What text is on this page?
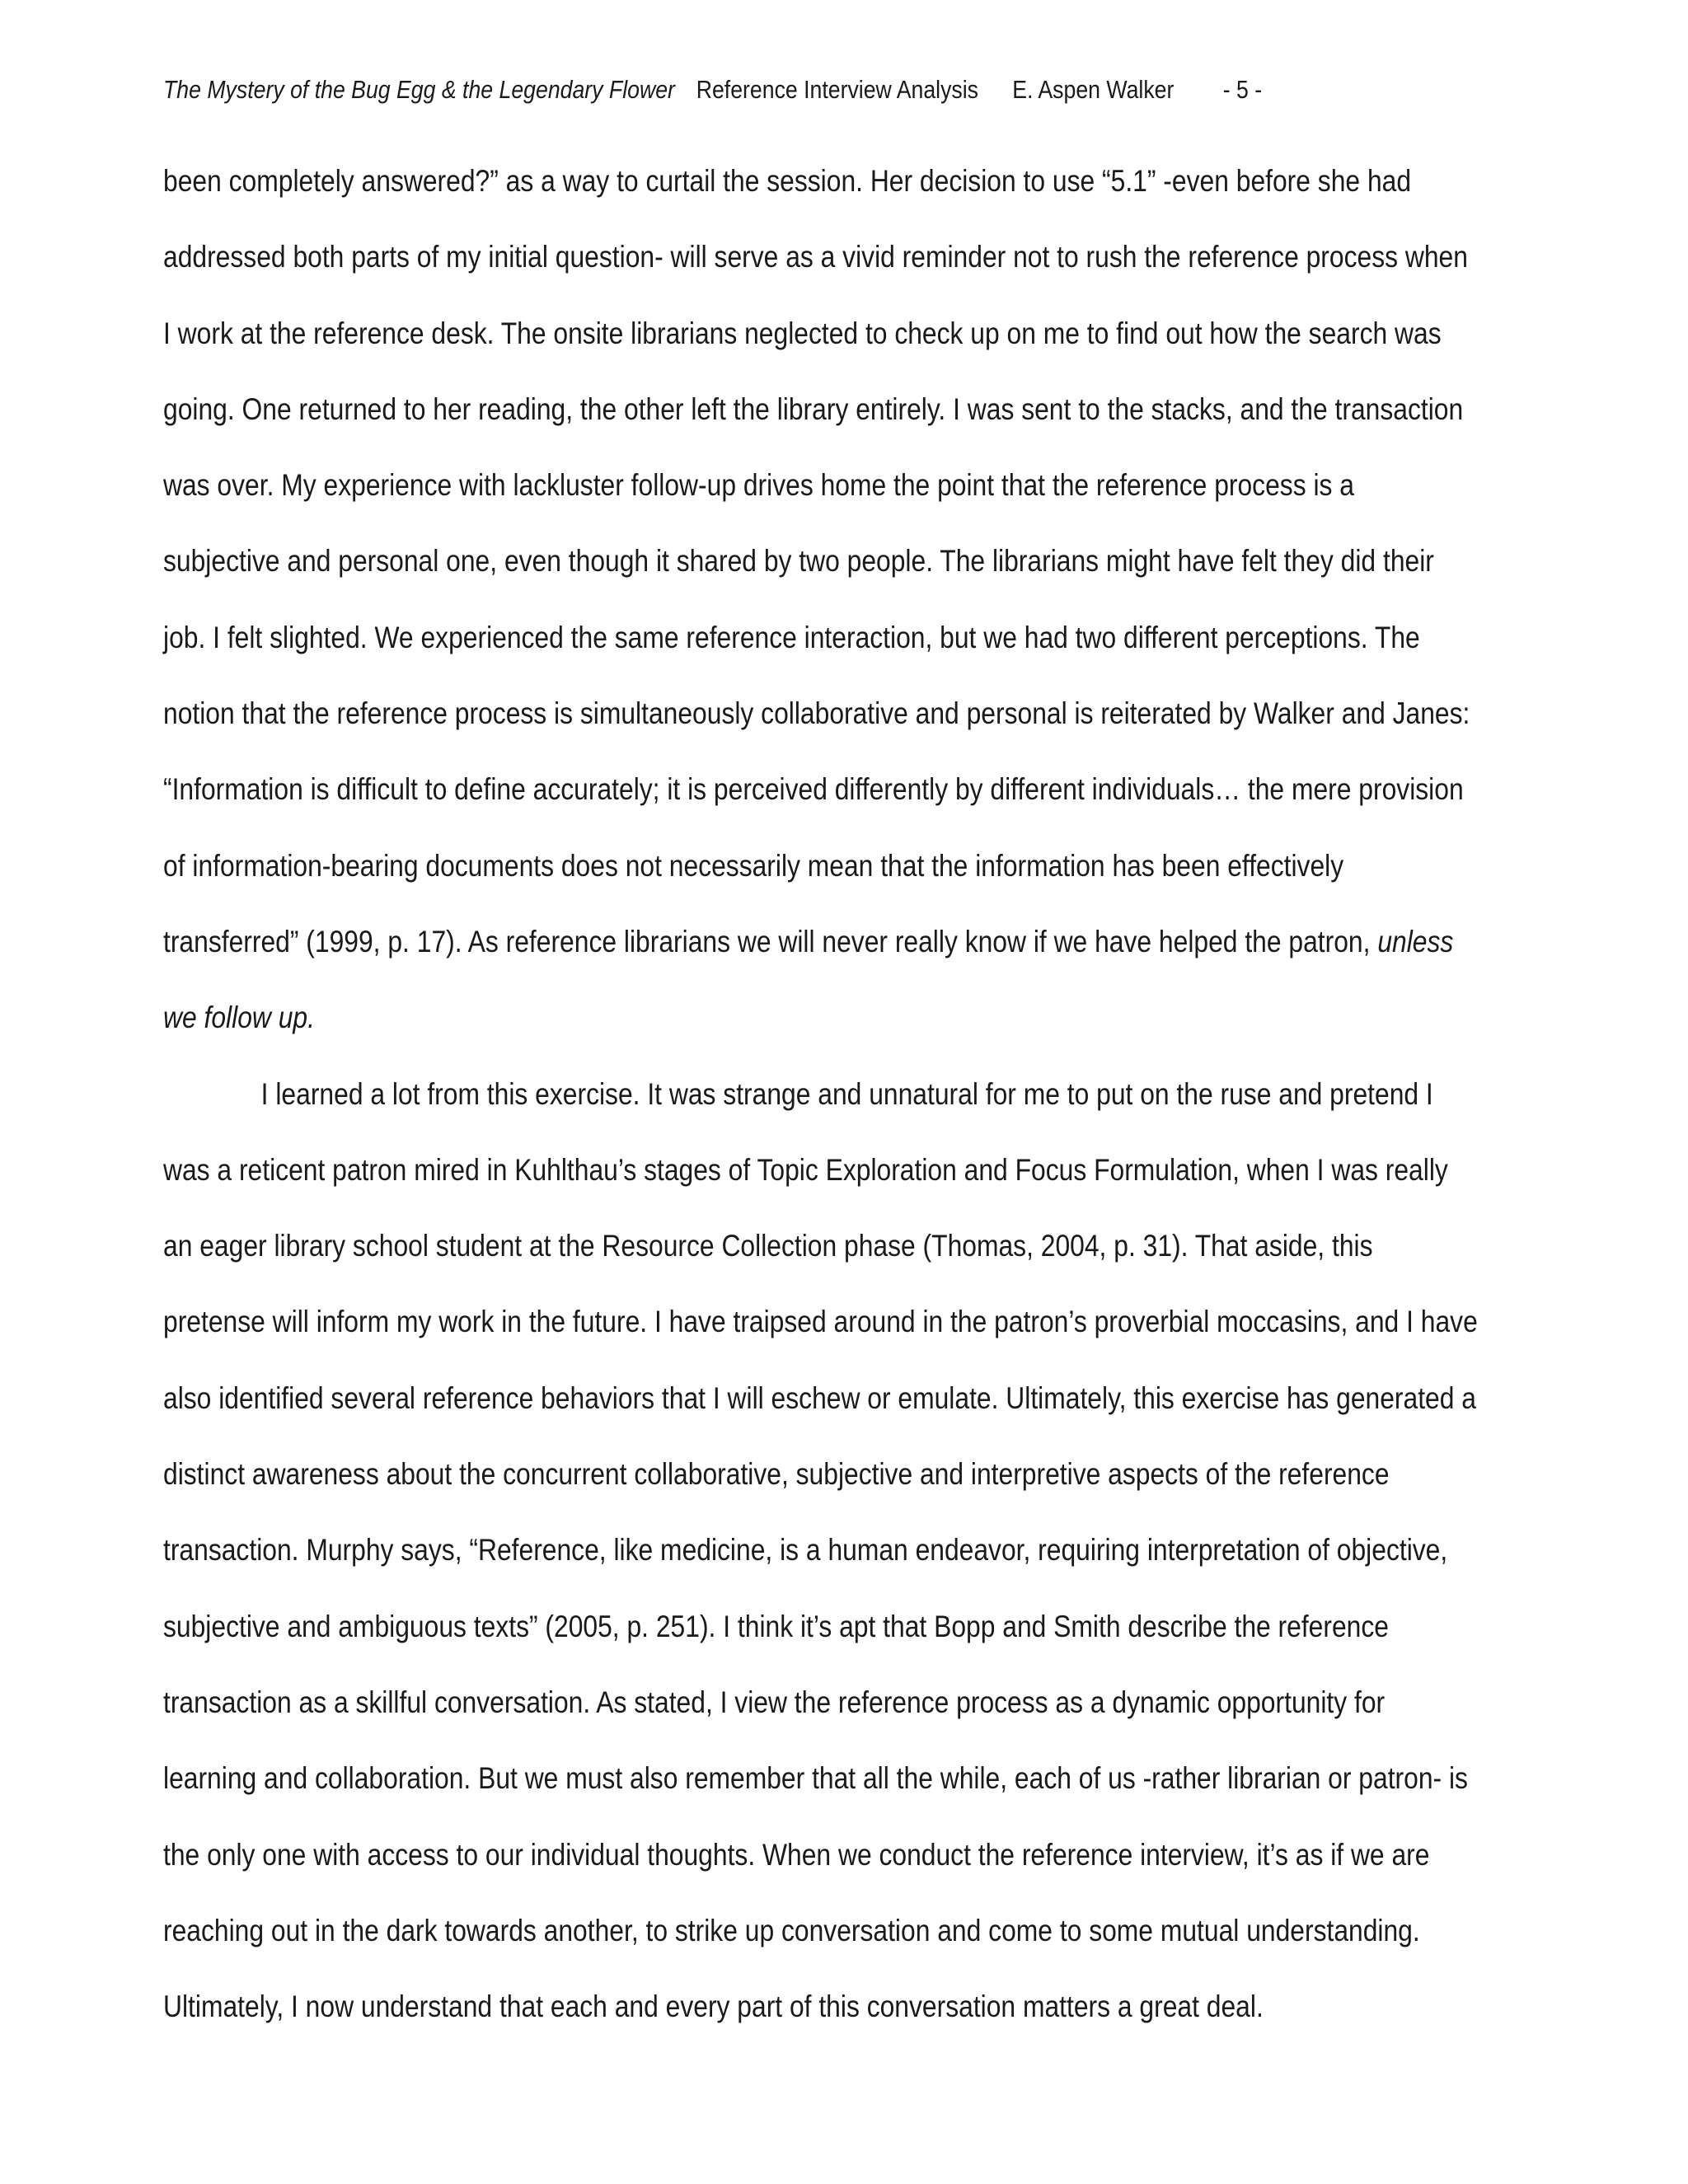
The Mystery of the Bug Egg & the Legendary Flower Reference Interview Analysis E. Aspen Walker - 5 -
been completely answered?” as a way to curtail the session. Her decision to use “5.1” -even before she had
addressed both parts of my initial question- will serve as a vivid reminder not to rush the reference process when
I work at the reference desk. The onsite librarians neglected to check up on me to find out how the search was
going. One returned to her reading, the other left the library entirely. I was sent to the stacks, and the transaction
was over. My experience with lackluster follow-up drives home the point that the reference process is a
subjective and personal one, even though it shared by two people. The librarians might have felt they did their
job. I felt slighted. We experienced the same reference interaction, but we had two different perceptions. The
notion that the reference process is simultaneously collaborative and personal is reiterated by Walker and Janes:
“Information is difficult to define accurately; it is perceived differently by different individuals… the mere provision
of information-bearing documents does not necessarily mean that the information has been effectively
transferred” (1999, p. 17). As reference librarians we will never really know if we have helped the patron, unless
we follow up.
I learned a lot from this exercise. It was strange and unnatural for me to put on the ruse and pretend I
was a reticent patron mired in Kuhlthau’s stages of Topic Exploration and Focus Formulation, when I was really
an eager library school student at the Resource Collection phase (Thomas, 2004, p. 31). That aside, this
pretense will inform my work in the future. I have traipsed around in the patron’s proverbial moccasins, and I have
also identified several reference behaviors that I will eschew or emulate. Ultimately, this exercise has generated a
distinct awareness about the concurrent collaborative, subjective and interpretive aspects of the reference
transaction. Murphy says, “Reference, like medicine, is a human endeavor, requiring interpretation of objective,
subjective and ambiguous texts” (2005, p. 251). I think it’s apt that Bopp and Smith describe the reference
transaction as a skillful conversation. As stated, I view the reference process as a dynamic opportunity for
learning and collaboration. But we must also remember that all the while, each of us -rather librarian or patron- is
the only one with access to our individual thoughts. When we conduct the reference interview, it’s as if we are
reaching out in the dark towards another, to strike up conversation and come to some mutual understanding.
Ultimately, I now understand that each and every part of this conversation matters a great deal.
